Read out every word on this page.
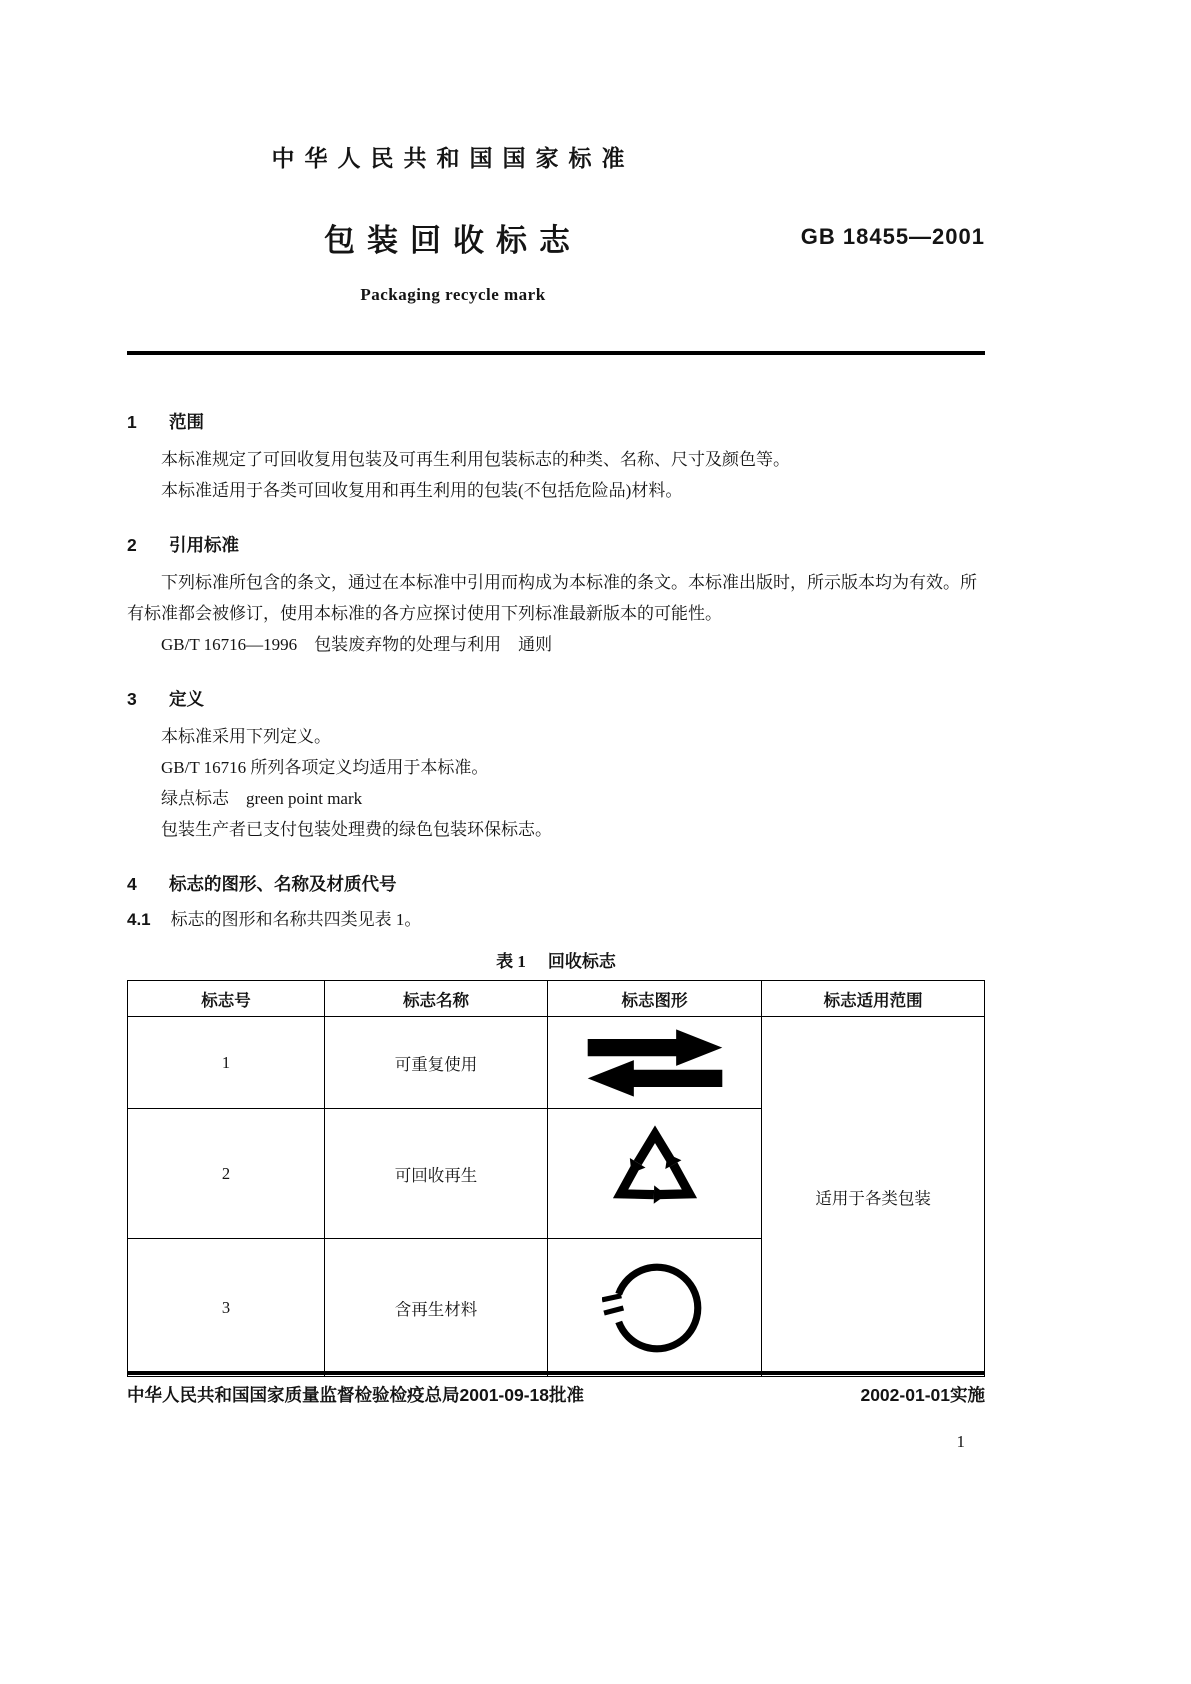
中华人民共和国国家标准
包装回收标志
Packaging recycle mark
GB 18455—2001
1 范围

本标准规定了可回收复用包装及可再生利用包装标志的种类、名称、尺寸及颜色等。

本标准适用于各类可回收复用和再生利用的包装(不包括危险品)材料。

2 引用标准

下列标准所包含的条文，通过在本标准中引用而构成为本标准的条文。本标准出版时，所示版本均为有效。所有标准都会被修订，使用本标准的各方应探讨使用下列标准最新版本的可能性。

GB/T 16716—1996　包装废弃物的处理与利用　通则

3 定义

本标准采用下列定义。

GB/T 16716 所列各项定义均适用于本标准。

绿点标志　green point mark

包装生产者已支付包装处理费的绿色包装环保标志。

4 标志的图形、名称及材质代号
4.1 标志的图形和名称共四类见表 1。
表 1 回收标志
标志号	标志名称	标志图形	标志适用范围
1	可重复使用		适用于各类包装
2	可回收再生	
3	含再生材料	
中华人民共和国国家质量监督检验检疫总局2001-09-18批准	2002-01-01实施
1
